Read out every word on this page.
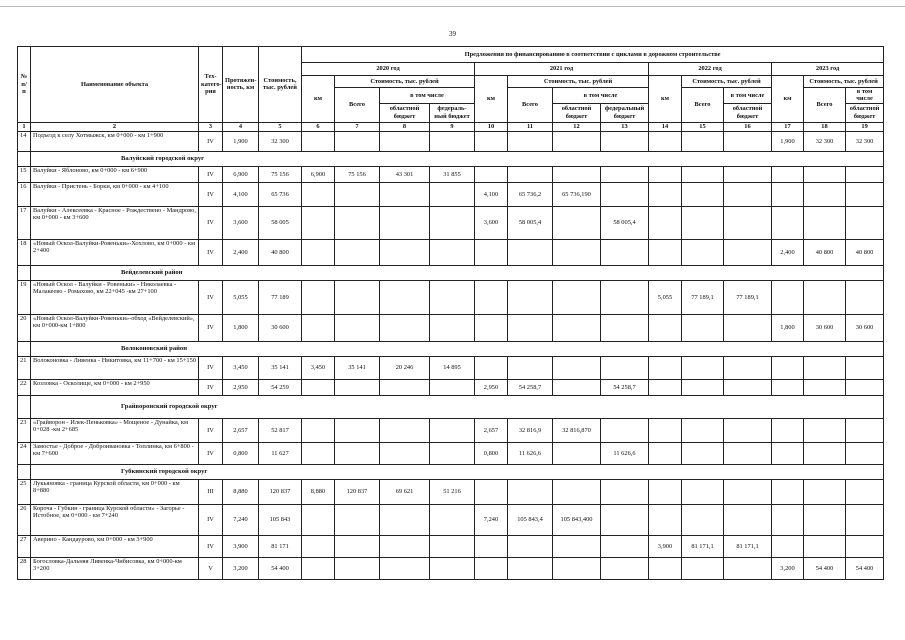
39
№ п/п	Наименование объекта	Тех- катего- рия	Протяжен- ность, км	Стоимость, тыс. рублей	Предложения по финансированию в соответствии с циклами в дорожном строительстве													
					2020 год				2021 год				2022 год			2023 год		
					км	Стоимость, тыс. рублей			км	Стоимость, тыс. рублей			км	Стоимость, тыс. рублей		км	Стоимость, тыс. рублей	
						Всего	в том числе			Всего	в том числе			Всего	в том числе		Всего	в том числе
							областной бюджет	федераль- ный бюджет			областной бюджет	федеральный бюджет			областной бюджет			областной бюджет
1	2	3	4	5	6	7	8	9	10	11	12	13	14	15	16	17	18	19
14	Подъезд к селу Хотмыжск, км 0+000 - км 1+900	IV	1,900	32 300												1,900	32 300	32 300
	Валуйский городской округ																	
15	Валуйки - Яблоново, км 0+000 - км 6+900	IV	6,900	75 156	6,900	75 156	43 301	31 855										
16	Валуйки - Пристень - Борки, км 0+000 - км 4+100	IV	4,100	65 736					4,100	65 736,2	65 736,190							
17	Валуйки - Алексеевка - Красное - Рождествено - Мандрово, км 0+000 - км 3+600	IV	3,600	58 005					3,600	58 005,4		58 005,4						
18	«Новый Оскол-Валуйки-Ровеньки»-Хохлово, км 0+000 - км 2+400	IV	2,400	40 800												2,400	40 800	40 800
	Вейделевский район																	
19	«Новый Оскол - Валуйки - Ровеньки» - Николаевка - Малакеево - Ромахово, км 22+045 -км 27+100	IV	5,055	77 189									5,055	77 189,1	77 189,1			
20	«Новый Оскол-Валуйки-Ровеньки»-обход «Вейделевский», км 0+000-км 1+800	IV	1,800	30 600												1,800	30 600	30 600
	Волоконовский район																	
21	Волоконовка - Ливенка - Никитовка, км 11+700 - км 15+150	IV	3,450	35 141	3,450	35 141	20 246	14 895										
22	Козловка - Осколище, км 0+000 - км 2+950	IV	2,950	54 259					2,950	54 258,7		54 258,7						
	Грайворонский городской округ																	
23	«Грайворон - Илек-Пеньковка» - Мощеное - Дунайка, км 0+028 -км 2+685	IV	2,657	52 817					2,657	32 816,9	32 816,870							
24	Замостье - Доброе - Доброивановка - Топлинка, км 6+800 - км 7+600	IV	0,800	11 627					0,800	11 626,6		11 626,6						
	Губкинский городской округ																	
25	Лукьяновка - граница Курской области, км 0+000 - км 8+880	III	8,880	120 837	8,880	120 837	69 621	51 216										
26	Короча - Губкин - граница Курской области» - Загорье - Истобное, км 0+000 - км 7+240	IV	7,240	105 843					7,240	105 843,4	105 843,400							
27	Аверино - Кандаурово, км 0+000 - км 3+900	IV	3,900	81 171									3,900	81 171,1	81 171,1			
28	Богословка-Дальняя Ливенка-Чибисовка, км 0+000-км 3+200	V	3,200	54 400												3,200	54 400	54 400
